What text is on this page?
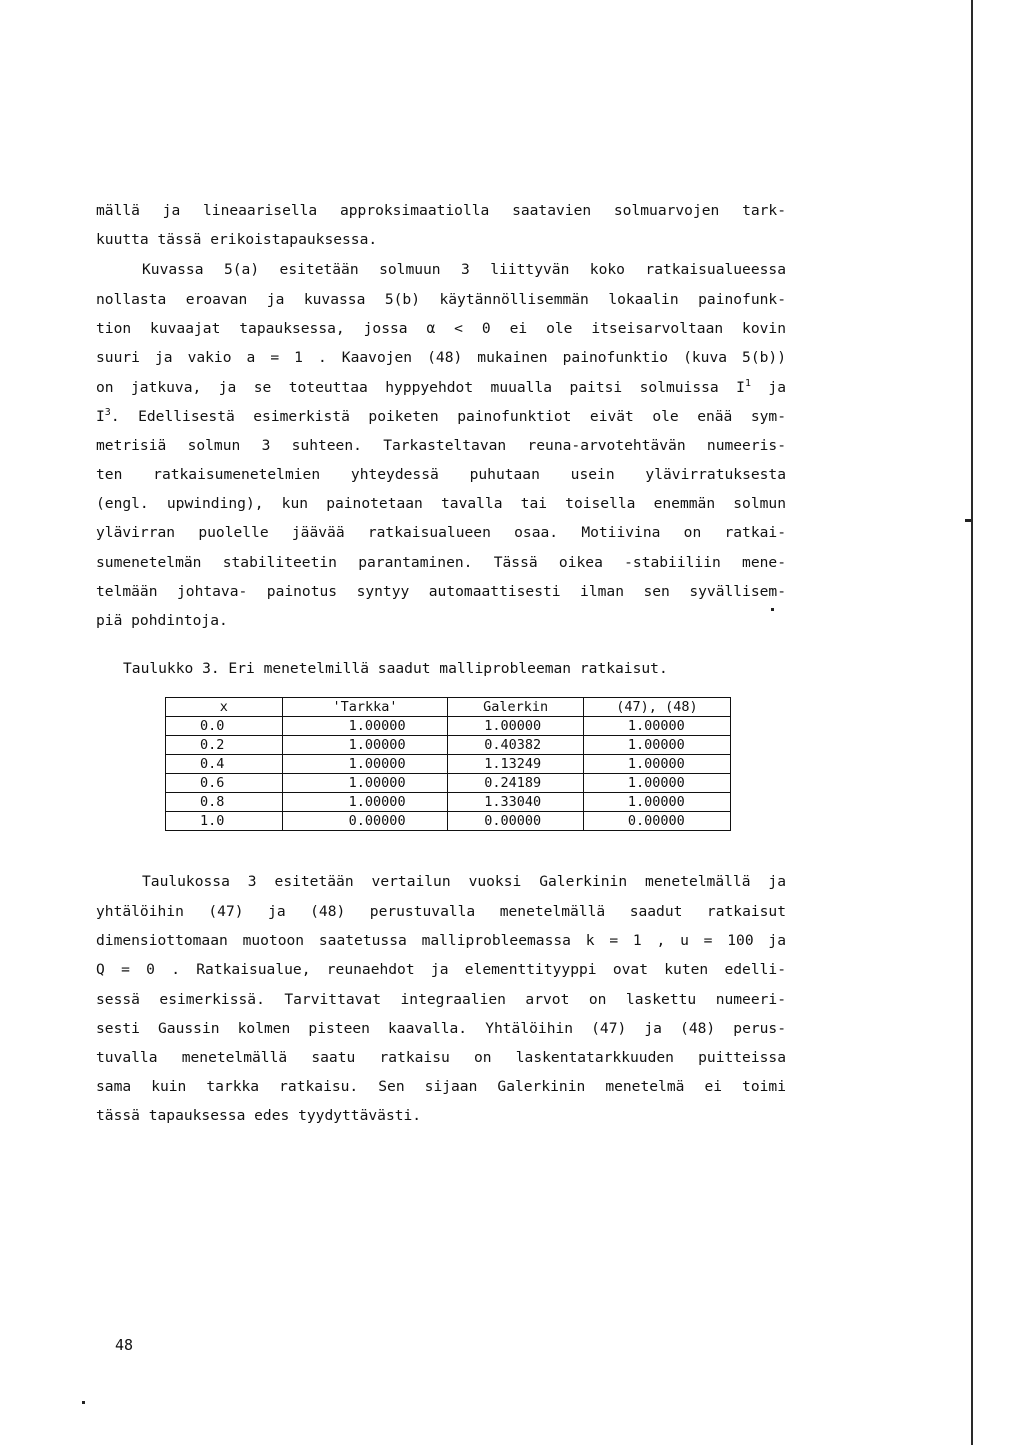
mällä ja lineaarisella approksimaatiolla saatavien solmuarvojen tark-
kuutta tässä erikoistapauksessa.
Kuvassa 5(a) esitetään solmuun 3 liittyvän koko ratkaisualueessa
nollasta eroavan ja kuvassa 5(b) käytännöllisemmän lokaalin painofunk-
tion kuvaajat tapauksessa, jossa α < 0 ei ole itseisarvoltaan kovin
suuri ja vakio a = 1 . Kaavojen (48) mukainen painofunktio (kuva 5(b))
on jatkuva, ja se toteuttaa hyppyehdot muualla paitsi solmuissa $I^1$ ja
$I^3$. Edellisestä esimerkistä poiketen painofunktiot eivät ole enää sym-
metrisiä solmun 3 suhteen. Tarkasteltavan reuna-arvotehtävän numeeris-
ten ratkaisumenetelmien yhteydessä puhutaan usein ylävirratuksesta
(engl. upwinding), kun painotetaan tavalla tai toisella enemmän solmun
ylävirran puolelle jäävää ratkaisualueen osaa. Motiivina on ratkai-
sumenetelmän stabiliteetin parantaminen. Tässä oikea -stabiiliin mene-
telmään johtava- painotus syntyy automaattisesti ilman sen syvällisem-
piä pohdintoja.
Taulukko 3. Eri menetelmillä saadut malliprobleeman ratkaisut.
x	'Tarkka'	Galerkin	(47), (48)
0.0	1.00000	1.00000	1.00000
0.2	1.00000	0.40382	1.00000
0.4	1.00000	1.13249	1.00000
0.6	1.00000	0.24189	1.00000
0.8	1.00000	1.33040	1.00000
1.0	0.00000	0.00000	0.00000
Taulukossa 3 esitetään vertailun vuoksi Galerkinin menetelmällä ja
yhtälöihin (47) ja (48) perustuvalla menetelmällä saadut ratkaisut
dimensiottomaan muotoon saatetussa malliprobleemassa k = 1 , u = 100 ja
Q = 0 . Ratkaisualue, reunaehdot ja elementtityyppi ovat kuten edelli-
sessä esimerkissä. Tarvittavat integraalien arvot on laskettu numeeri-
sesti Gaussin kolmen pisteen kaavalla. Yhtälöihin (47) ja (48) perus-
tuvalla menetelmällä saatu ratkaisu on laskentatarkkuuden puitteissa
sama kuin tarkka ratkaisu. Sen sijaan Galerkinin menetelmä ei toimi
tässä tapauksessa edes tyydyttävästi.
48
